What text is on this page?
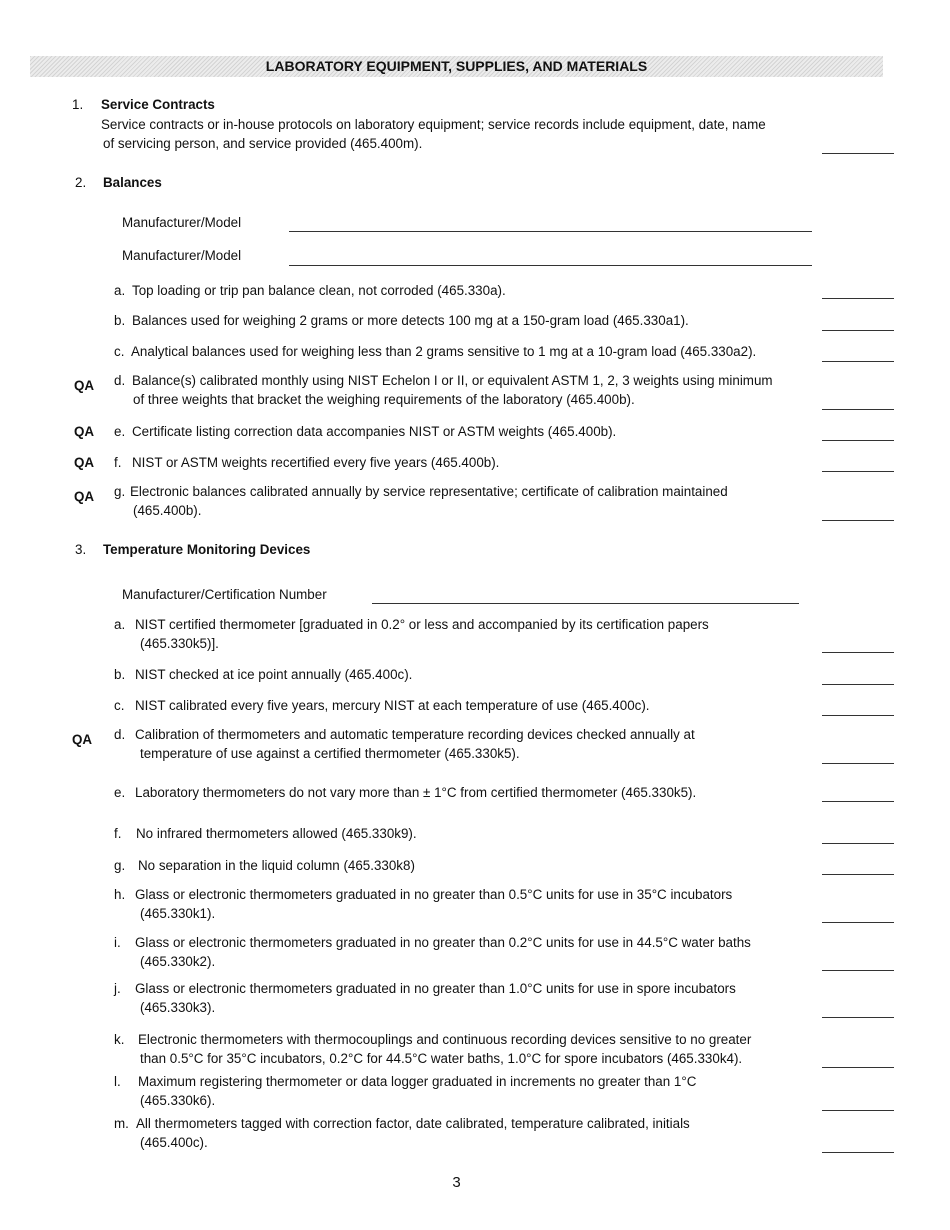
LABORATORY EQUIPMENT, SUPPLIES, AND MATERIALS
1. Service Contracts
Service contracts or in-house protocols on laboratory equipment; service records include equipment, date, name
of servicing person, and service provided (465.400m).
2. Balances
Manufacturer/Model
Manufacturer/Model
a. Top loading or trip pan balance clean, not corroded (465.330a).
b. Balances used for weighing 2 grams or more detects 100 mg at a 150-gram load (465.330a1).
c. Analytical balances used for weighing less than 2 grams sensitive to 1 mg at a 10-gram load (465.330a2).
QA d. Balance(s) calibrated monthly using NIST Echelon I or II, or equivalent ASTM 1, 2, 3 weights using minimum
of three weights that bracket the weighing requirements of the laboratory (465.400b).
QA e. Certificate listing correction data accompanies NIST or ASTM weights (465.400b).
QA f. NIST or ASTM weights recertified every five years (465.400b).
QA g. Electronic balances calibrated annually by service representative; certificate of calibration maintained
(465.400b).
3. Temperature Monitoring Devices
Manufacturer/Certification Number
a. NIST certified thermometer [graduated in 0.2° or less and accompanied by its certification papers
(465.330k5)].
b. NIST checked at ice point annually (465.400c).
c. NIST calibrated every five years, mercury NIST at each temperature of use (465.400c).
QA d. Calibration of thermometers and automatic temperature recording devices checked annually at
temperature of use against a certified thermometer (465.330k5).
e. Laboratory thermometers do not vary more than ± 1°C from certified thermometer (465.330k5).
f. No infrared thermometers allowed (465.330k9).
g. No separation in the liquid column (465.330k8)
h. Glass or electronic thermometers graduated in no greater than 0.5°C units for use in 35°C incubators
(465.330k1).
i. Glass or electronic thermometers graduated in no greater than 0.2°C units for use in 44.5°C water baths
(465.330k2).
j. Glass or electronic thermometers graduated in no greater than 1.0°C units for use in spore incubators
(465.330k3).
k. Electronic thermometers with thermocouplings and continuous recording devices sensitive to no greater
than 0.5°C for 35°C incubators, 0.2°C for 44.5°C water baths, 1.0°C for spore incubators (465.330k4).
l. Maximum registering thermometer or data logger graduated in increments no greater than 1°C
(465.330k6).
m. All thermometers tagged with correction factor, date calibrated, temperature calibrated, initials
(465.400c).
3
